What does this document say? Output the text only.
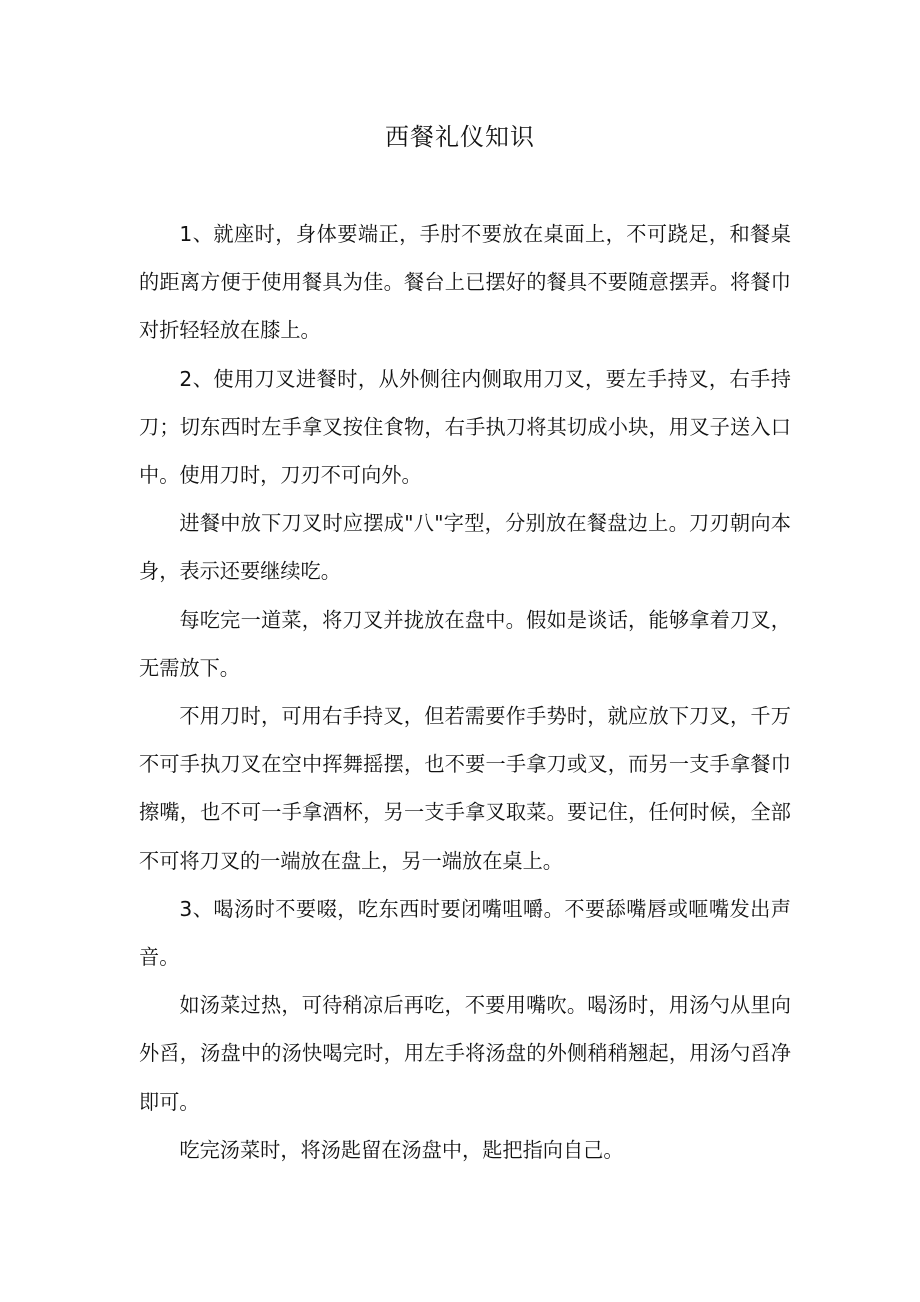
西餐礼仪知识

1、就座时，身体要端正，手肘不要放在桌面上，不可跷足，和餐桌的距离方便于使用餐具为佳。餐台上已摆好的餐具不要随意摆弄。将餐巾对折轻轻放在膝上。

2、使用刀叉进餐时，从外侧往内侧取用刀叉，要左手持叉，右手持刀；切东西时左手拿叉按住食物，右手执刀将其切成小块，用叉子送入口中。使用刀时，刀刃不可向外。

进餐中放下刀叉时应摆成"八"字型，分别放在餐盘边上。刀刃朝向本身，表示还要继续吃。

每吃完一道菜，将刀叉并拢放在盘中。假如是谈话，能够拿着刀叉，无需放下。

不用刀时，可用右手持叉，但若需要作手势时，就应放下刀叉，千万不可手执刀叉在空中挥舞摇摆，也不要一手拿刀或叉，而另一支手拿餐巾擦嘴，也不可一手拿酒杯，另一支手拿叉取菜。要记住，任何时候，全部不可将刀叉的一端放在盘上，另一端放在桌上。

3、喝汤时不要啜，吃东西时要闭嘴咀嚼。不要舔嘴唇或咂嘴发出声音。

如汤菜过热，可待稍凉后再吃，不要用嘴吹。喝汤时，用汤勺从里向外舀，汤盘中的汤快喝完时，用左手将汤盘的外侧稍稍翘起，用汤勺舀净即可。

吃完汤菜时，将汤匙留在汤盘中，匙把指向自己。
